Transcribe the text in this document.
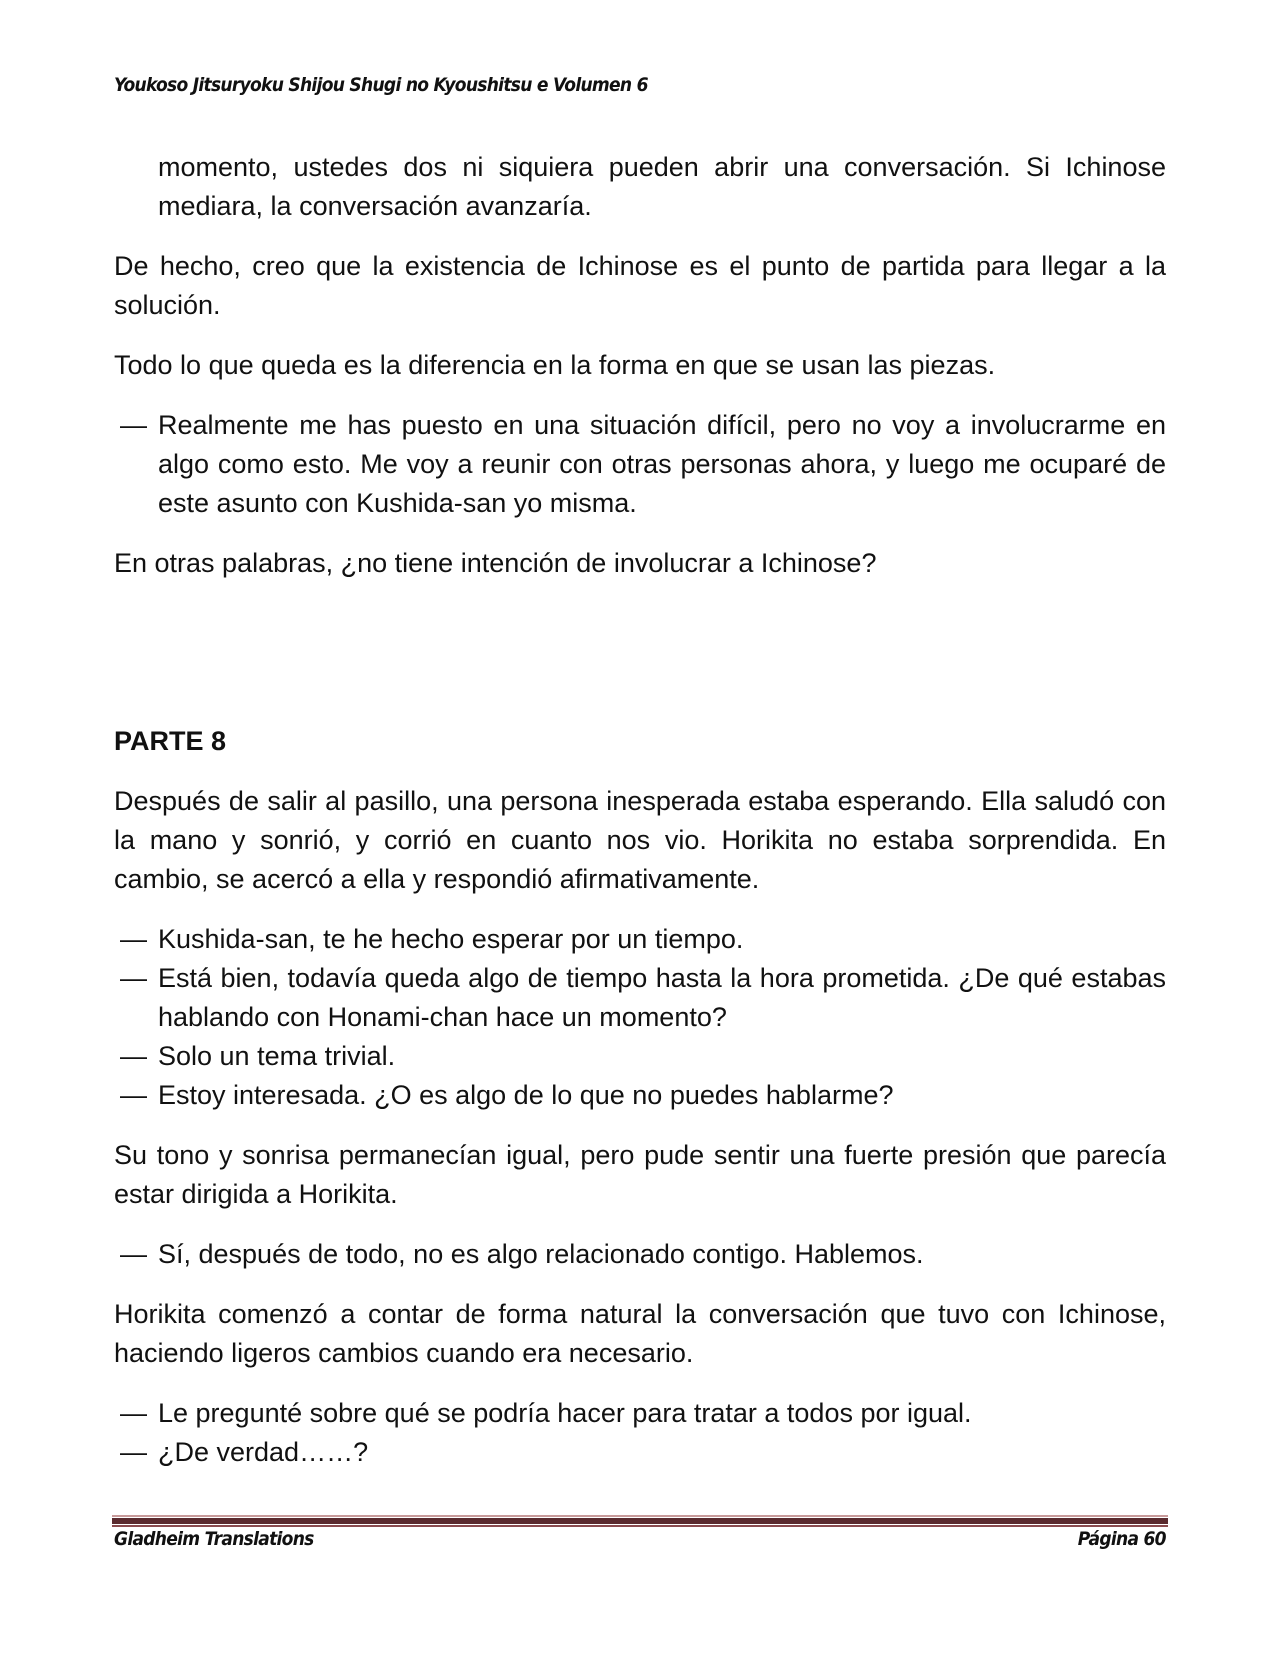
Youkoso Jitsuryoku Shijou Shugi no Kyoushitsu e Volumen 6

momento, ustedes dos ni siquiera pueden abrir una conversación. Si Ichinose mediara, la conversación avanzaría.

De hecho, creo que la existencia de Ichinose es el punto de partida para llegar a la solución.

Todo lo que queda es la diferencia en la forma en que se usan las piezas.

— Realmente me has puesto en una situación difícil, pero no voy a involucrarme en algo como esto. Me voy a reunir con otras personas ahora, y luego me ocuparé de este asunto con Kushida-san yo misma.

En otras palabras, ¿no tiene intención de involucrar a Ichinose?

PARTE 8

Después de salir al pasillo, una persona inesperada estaba esperando. Ella saludó con la mano y sonrió, y corrió en cuanto nos vio. Horikita no estaba sorprendida. En cambio, se acercó a ella y respondió afirmativamente.

— Kushida-san, te he hecho esperar por un tiempo.
— Está bien, todavía queda algo de tiempo hasta la hora prometida. ¿De qué estabas hablando con Honami-chan hace un momento?
— Solo un tema trivial.
— Estoy interesada. ¿O es algo de lo que no puedes hablarme?

Su tono y sonrisa permanecían igual, pero pude sentir una fuerte presión que parecía estar dirigida a Horikita.

— Sí, después de todo, no es algo relacionado contigo. Hablemos.

Horikita comenzó a contar de forma natural la conversación que tuvo con Ichinose, haciendo ligeros cambios cuando era necesario.

— Le pregunté sobre qué se podría hacer para tratar a todos por igual.
— ¿De verdad……?
Gladheim Translations	Página 60
